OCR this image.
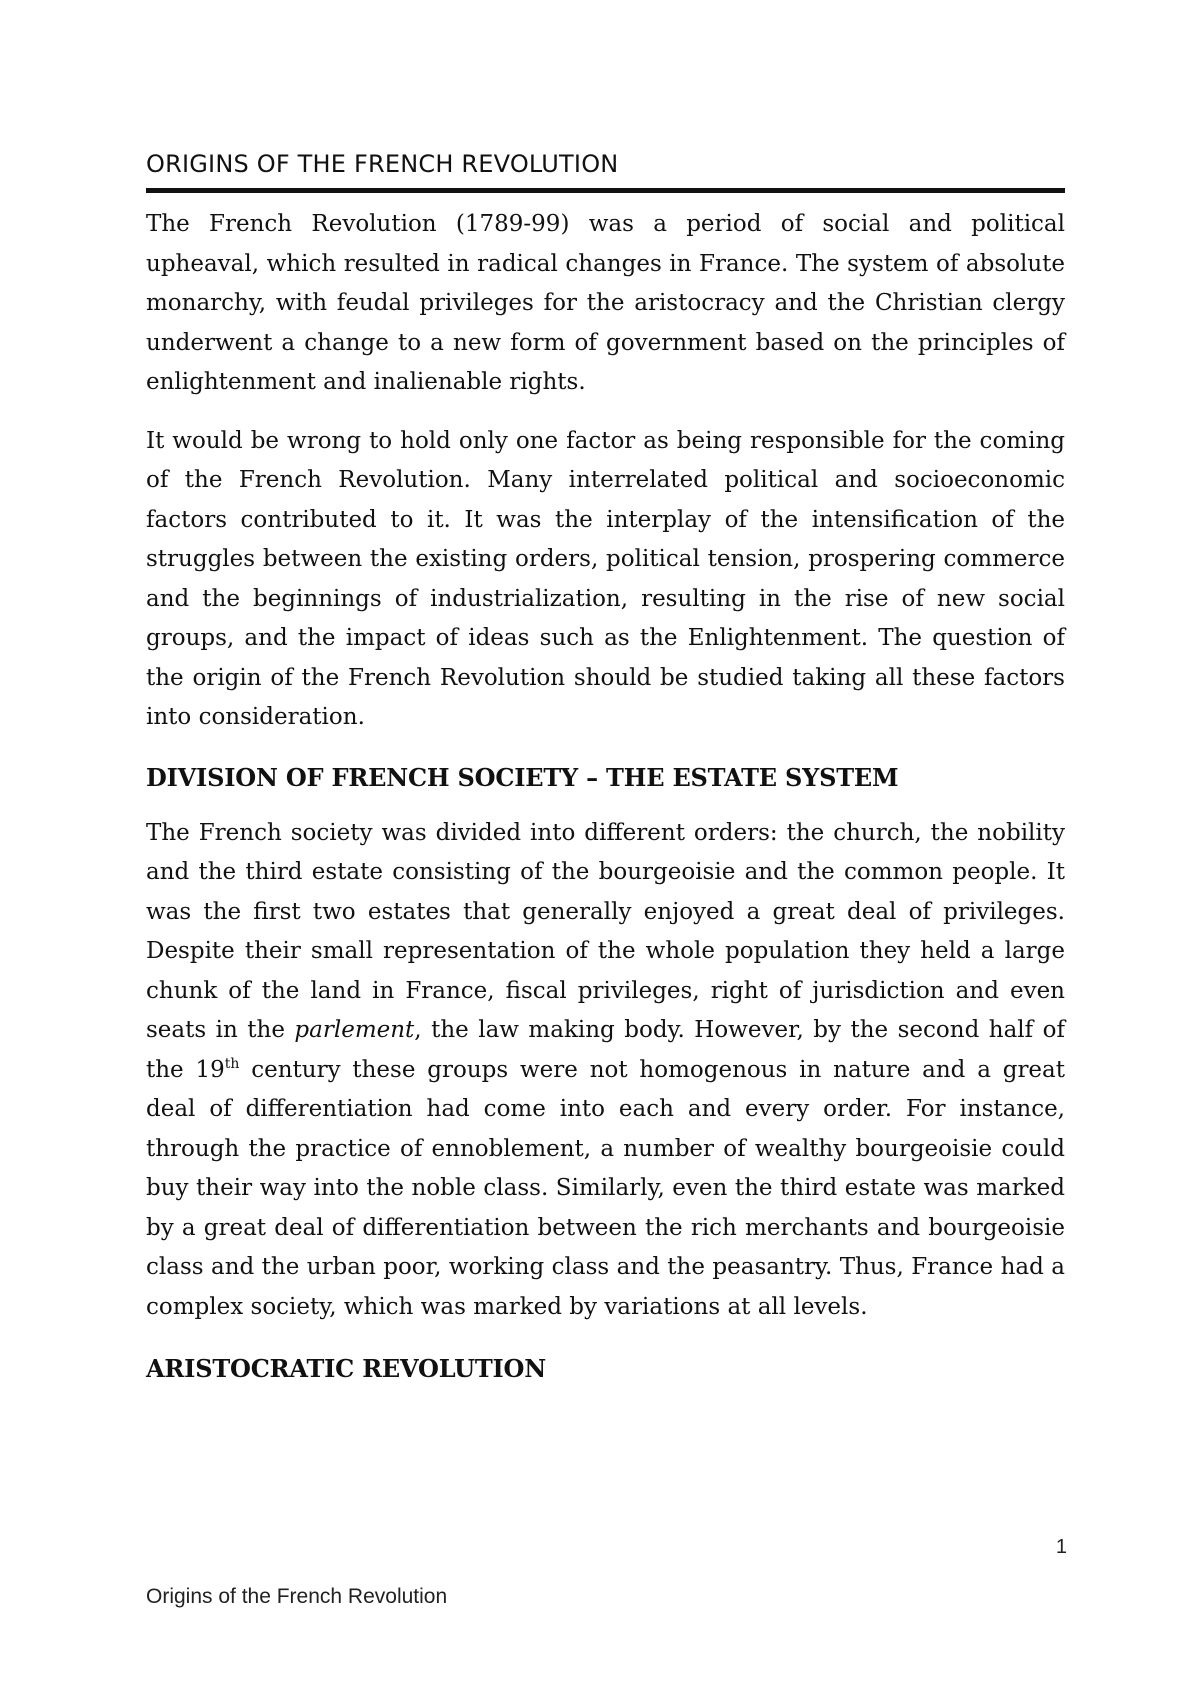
ORIGINS OF THE FRENCH REVOLUTION

The French Revolution (1789-99) was a period of social and political upheaval, which resulted in radical changes in France. The system of absolute monarchy, with feudal privileges for the aristocracy and the Christian clergy underwent a change to a new form of government based on the principles of enlightenment and inalienable rights.

It would be wrong to hold only one factor as being responsible for the coming of the French Revolution. Many interrelated political and socioeconomic factors contributed to it. It was the interplay of the intensification of the struggles between the existing orders, political tension, prospering commerce and the beginnings of industrialization, resulting in the rise of new social groups, and the impact of ideas such as the Enlightenment. The question of the origin of the French Revolution should be studied taking all these factors into consideration.

DIVISION OF FRENCH SOCIETY – THE ESTATE SYSTEM

The French society was divided into different orders: the church, the nobility and the third estate consisting of the bourgeoisie and the common people. It was the first two estates that generally enjoyed a great deal of privileges. Despite their small representation of the whole population they held a large chunk of the land in France, fiscal privileges, right of jurisdiction and even seats in the parlement, the law making body. However, by the second half of the 19th century these groups were not homogenous in nature and a great deal of differentiation had come into each and every order. For instance, through the practice of ennoblement, a number of wealthy bourgeoisie could buy their way into the noble class. Similarly, even the third estate was marked by a great deal of differentiation between the rich merchants and bourgeoisie class and the urban poor, working class and the peasantry. Thus, France had a complex society, which was marked by variations at all levels.

ARISTOCRATIC REVOLUTION
1
Origins of the French Revolution
